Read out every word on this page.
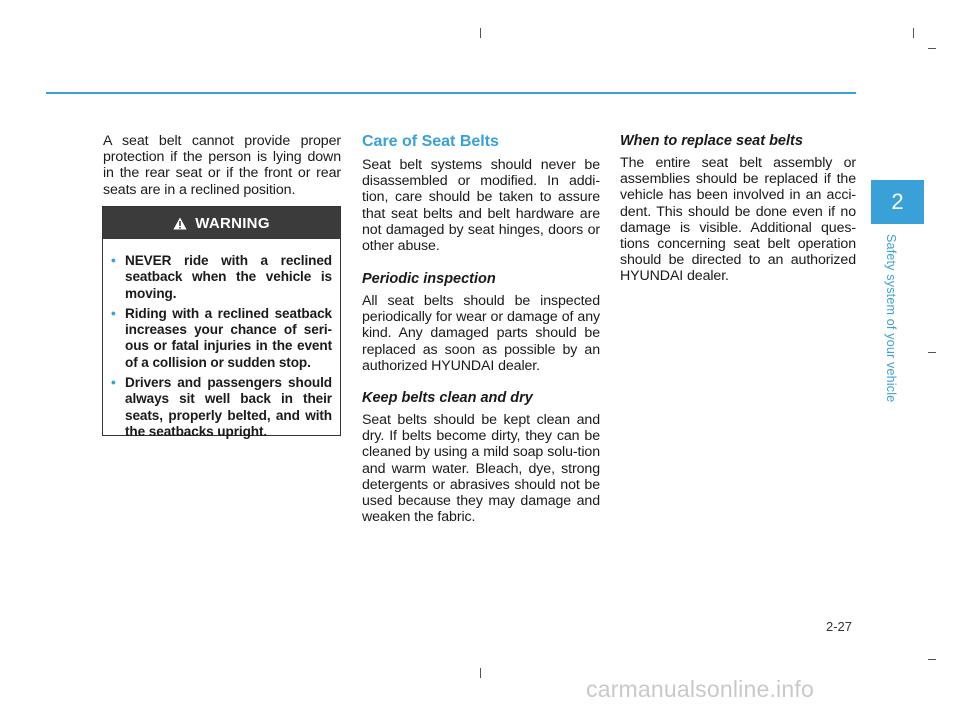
A seat belt cannot provide proper protection if the person is lying down in the rear seat or if the front or rear seats are in a reclined position.

WARNING
• NEVER ride with a reclined seatback when the vehicle is moving.
• Riding with a reclined seatback increases your chance of seri-ous or fatal injuries in the event of a collision or sudden stop.
• Drivers and passengers should always sit well back in their seats, properly belted, and with the seatbacks upright.
Care of Seat Belts

Seat belt systems should never be disassembled or modified. In addi-tion, care should be taken to assure that seat belts and belt hardware are not damaged by seat hinges, doors or other abuse.

Periodic inspection

All seat belts should be inspected periodically for wear or damage of any kind. Any damaged parts should be replaced as soon as possible by an authorized HYUNDAI dealer.

Keep belts clean and dry

Seat belts should be kept clean and dry. If belts become dirty, they can be cleaned by using a mild soap solu-tion and warm water. Bleach, dye, strong detergents or abrasives should not be used because they may damage and weaken the fabric.

When to replace seat belts

The entire seat belt assembly or assemblies should be replaced if the vehicle has been involved in an acci-dent. This should be done even if no damage is visible. Additional ques-tions concerning seat belt operation should be directed to an authorized HYUNDAI dealer.

2
Safety system of your vehicle
2-27
carmanualsonline.info
